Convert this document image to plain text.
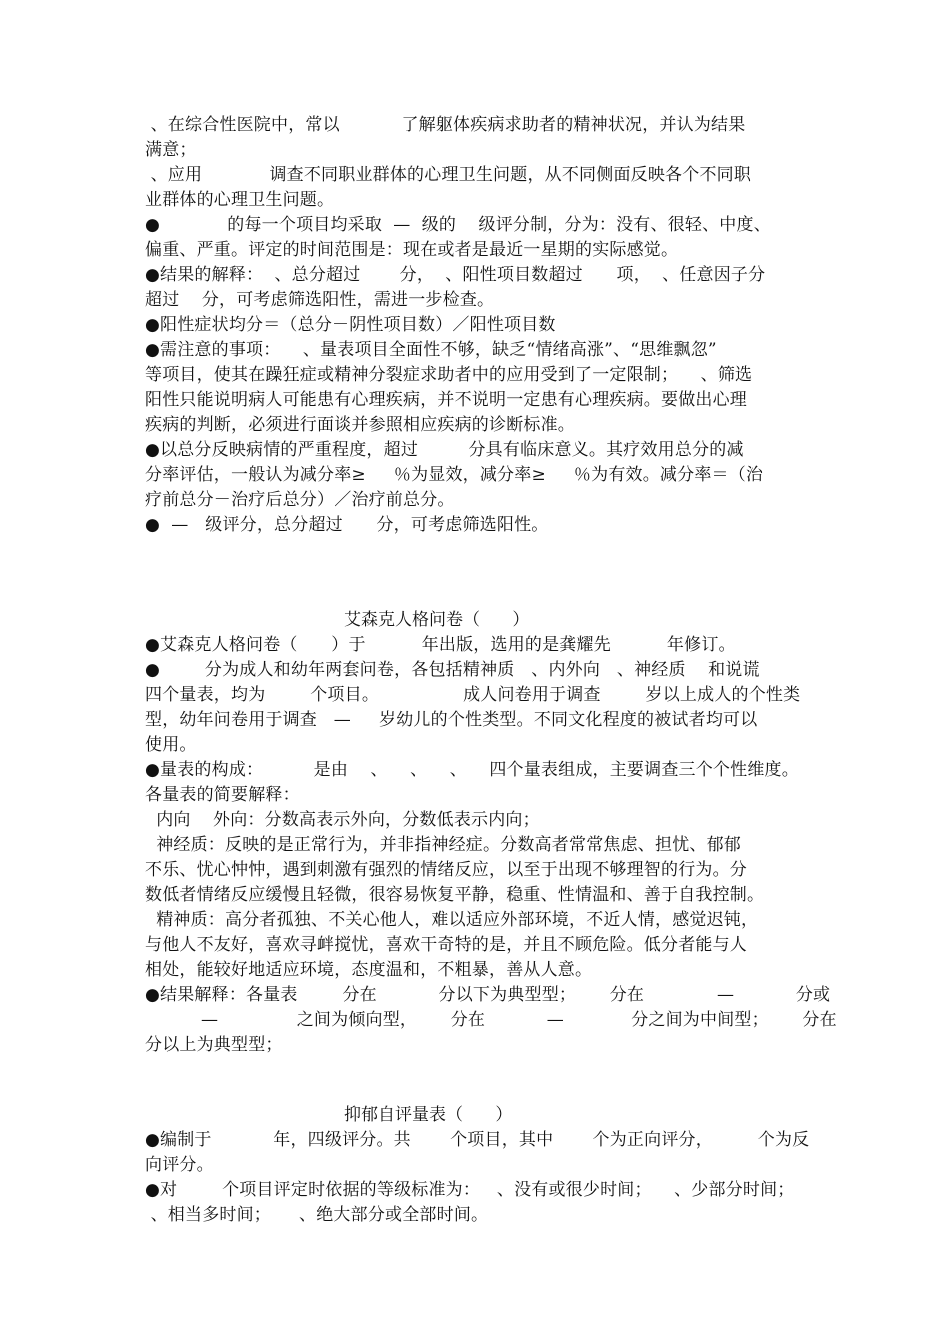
、在综合性医院中，常以           了解躯体疾病求助者的精神状况，并认为结果
满意；
、应用            调查不同职业群体的心理卫生问题，从不同侧面反映各个不同职
业群体的心理卫生问题。
●            的每一个项目均采取  —  级的    级评分制，分为：没有、很轻、中度、
偏重、严重。评定的时间范围是：现在或者是最近一星期的实际感觉。
●结果的解释：  、总分超过       分，  、阳性项目数超过      项，  、任意因子分
超过    分，可考虑筛选阳性，需进一步检查。
●阳性症状均分＝（总分－阴性项目数）／阳性项目数
●需注意的事项：    、量表项目全面性不够，缺乏“情绪高涨”、“思维飘忽”
等项目，使其在躁狂症或精神分裂症求助者中的应用受到了一定限制；    、筛选
阳性只能说明病人可能患有心理疾病，并不说明一定患有心理疾病。要做出心理
疾病的判断，必须进行面谈并参照相应疾病的诊断标准。
●以总分反映病情的严重程度，超过         分具有临床意义。其疗效用总分的减
分率评估，一般认为减分率≥     ％为显效，减分率≥     ％为有效。减分率＝（治
疗前总分－治疗后总分）／治疗前总分。
●  —   级评分，总分超过      分，可考虑筛选阳性。
艾森克人格问卷（      ）
●艾森克人格问卷（      ）于          年出版，选用的是龚耀先          年修订。
●        分为成人和幼年两套问卷，各包括精神质   、内外向   、神经质    和说谎
四个量表，均为        个项目。               成人问卷用于调查        岁以上成人的个性类
型，幼年问卷用于调查   —     岁幼儿的个性类型。不同文化程度的被试者均可以
使用。
●量表的构成：         是由    、    、    、    四个量表组成，主要调查三个个性维度。
各量表的简要解释：
内向    外向：分数高表示外向，分数低表示内向；
神经质：反映的是正常行为，并非指神经症。分数高者常常焦虑、担忧、郁郁
不乐、忧心忡忡，遇到刺激有强烈的情绪反应，以至于出现不够理智的行为。分
数低者情绪反应缓慢且轻微，很容易恢复平静，稳重、性情温和、善于自我控制。
精神质：高分者孤独、不关心他人，难以适应外部环境，不近人情，感觉迟钝，
与他人不友好，喜欢寻衅搅忧，喜欢干奇特的是，并且不顾危险。低分者能与人
相处，能较好地适应环境，态度温和，不粗暴，善从人意。
●结果解释：各量表        分在           分以下为典型型；      分在             —           分或
—              之间为倾向型，      分在           —            分之间为中间型；      分在
分以上为典型型；
抑郁自评量表（      ）
●编制于           年，四级评分。共       个项目，其中       个为正向评分，        个为反
向评分。
●对        个项目评定时依据的等级标准为：   、没有或很少时间；    、少部分时间；
、相当多时间；     、绝大部分或全部时间。
